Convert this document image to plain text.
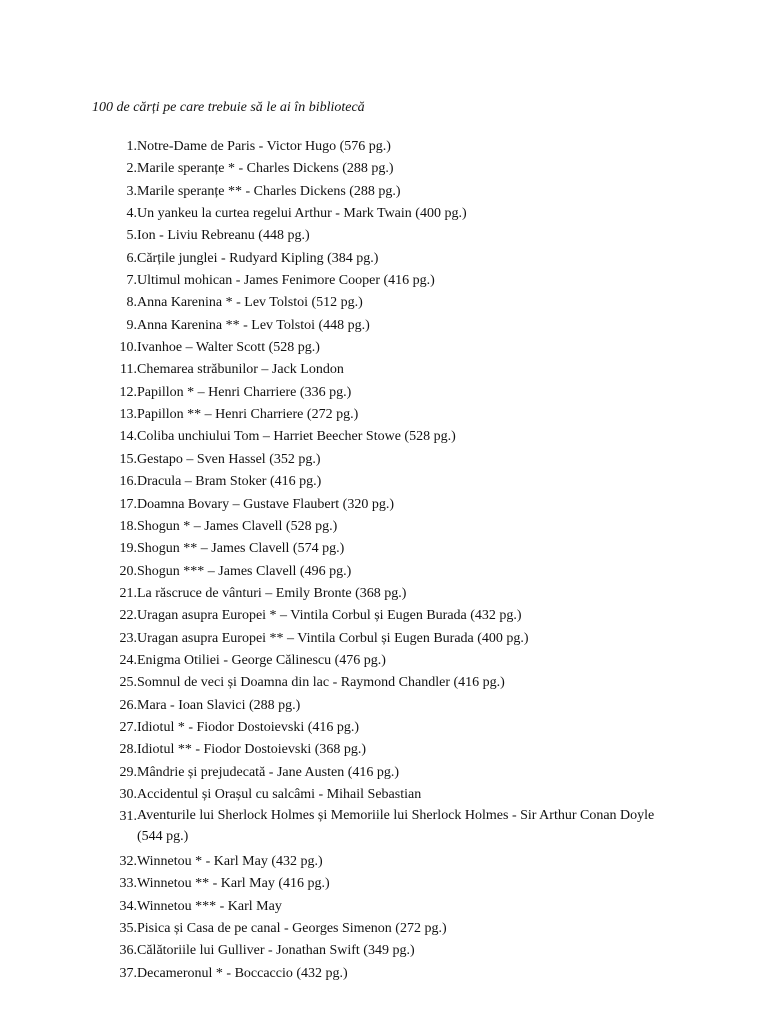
100 de cărți pe care trebuie să le ai în bibliotecă
1. Notre-Dame de Paris - Victor Hugo (576 pg.)
2. Marile speranțe * - Charles Dickens (288 pg.)
3. Marile speranțe ** - Charles Dickens (288 pg.)
4. Un yankeu la curtea regelui Arthur - Mark Twain (400 pg.)
5. Ion - Liviu Rebreanu (448 pg.)
6. Cărțile junglei - Rudyard Kipling (384 pg.)
7. Ultimul mohican - James Fenimore Cooper (416 pg.)
8. Anna Karenina * - Lev Tolstoi (512 pg.)
9. Anna Karenina ** - Lev Tolstoi (448 pg.)
10. Ivanhoe – Walter Scott (528 pg.)
11. Chemarea străbunilor – Jack London
12. Papillon * – Henri Charriere (336 pg.)
13. Papillon ** – Henri Charriere (272 pg.)
14. Coliba unchiului Tom – Harriet Beecher Stowe (528 pg.)
15. Gestapo – Sven Hassel (352 pg.)
16. Dracula – Bram Stoker (416 pg.)
17. Doamna Bovary – Gustave Flaubert (320 pg.)
18. Shogun * – James Clavell (528 pg.)
19. Shogun ** – James Clavell (574 pg.)
20. Shogun *** – James Clavell (496 pg.)
21. La răscruce de vânturi – Emily Bronte (368 pg.)
22. Uragan asupra Europei * – Vintila Corbul și Eugen Burada (432 pg.)
23. Uragan asupra Europei ** – Vintila Corbul și Eugen Burada (400 pg.)
24. Enigma Otiliei - George Călinescu (476 pg.)
25. Somnul de veci și Doamna din lac - Raymond Chandler (416 pg.)
26. Mara - Ioan Slavici (288 pg.)
27. Idiotul * - Fiodor Dostoievski (416 pg.)
28. Idiotul ** - Fiodor Dostoievski (368 pg.)
29. Mândrie și prejudecată - Jane Austen (416 pg.)
30. Accidentul și Orașul cu salcâmi - Mihail Sebastian
31. Aventurile lui Sherlock Holmes și Memoriile lui Sherlock Holmes - Sir Arthur Conan Doyle (544 pg.)
32. Winnetou * - Karl May (432 pg.)
33. Winnetou ** - Karl May (416 pg.)
34. Winnetou *** - Karl May
35. Pisica și Casa de pe canal - Georges Simenon (272 pg.)
36. Călătoriile lui Gulliver - Jonathan Swift (349 pg.)
37. Decameronul * - Boccaccio (432 pg.)
